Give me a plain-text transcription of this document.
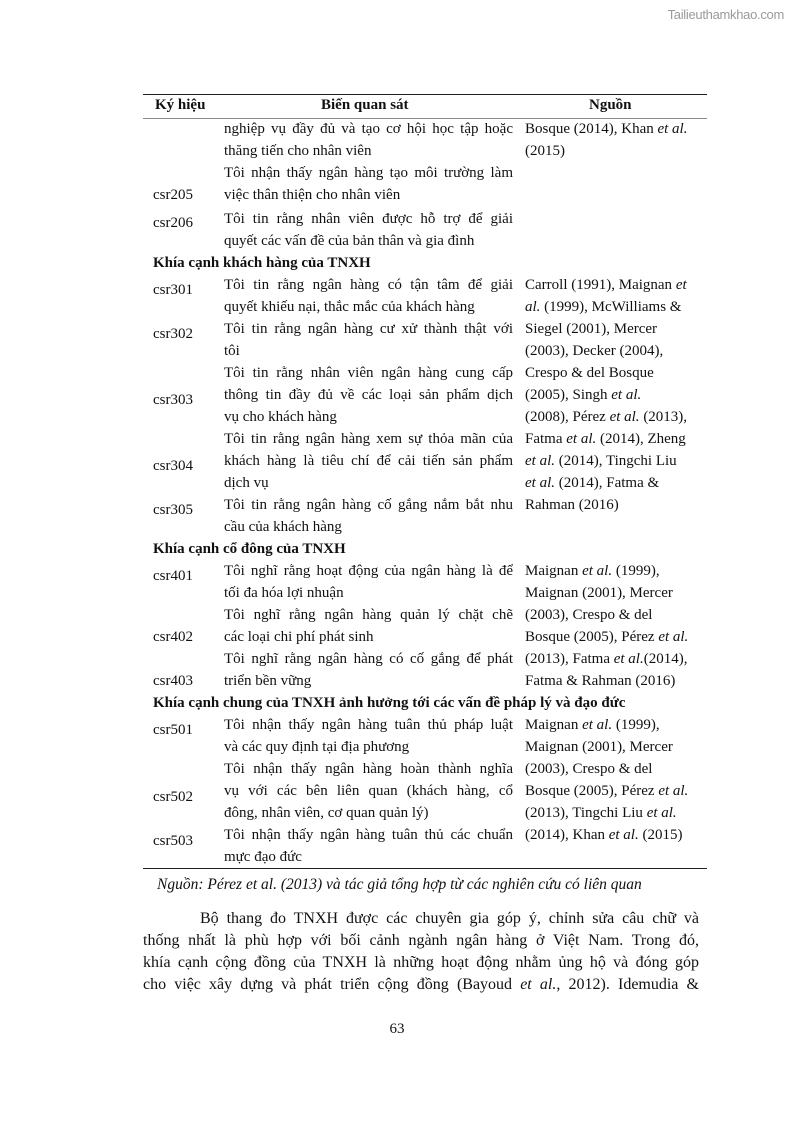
Tailieuthamkhao.com
Ký hiệu	Biến quan sát	Nguồn
nghiệp vụ đầy đủ và tạo cơ hội học tập hoặc
thăng tiến cho nhân viên
Bosque (2014), Khan et al.
(2015)
Tôi nhận thấy ngân hàng tạo môi trường làm
csr205 việc thân thiện cho nhân viên
csr206 Tôi tin rằng nhân viên được hỗ trợ để giải
quyết các vấn đề của bản thân và gia đình
Khía cạnh khách hàng của TNXH
csr301 Tôi tin rằng ngân hàng có tận tâm để giải
quyết khiếu nại, thắc mắc của khách hàng
csr302 Tôi tin rằng ngân hàng cư xử thành thật với
tôi
Tôi tin rằng nhân viên ngân hàng cung cấp
csr303 thông tin đầy đủ về các loại sản phẩm dịch
vụ cho khách hàng
Tôi tin rằng ngân hàng xem sự thỏa mãn của
csr304 khách hàng là tiêu chí để cải tiến sản phẩm
dịch vụ
csr305 Tôi tin rằng ngân hàng cố gắng nắm bắt nhu
cầu của khách hàng
Carroll (1991), Maignan et
al. (1999), McWilliams &
Siegel (2001), Mercer
(2003), Decker (2004),
Crespo & del Bosque
(2005), Singh et al.
(2008), Pérez et al. (2013),
Fatma et al. (2014), Zheng
et al. (2014), Tingchi Liu
et al. (2014), Fatma &
Rahman (2016)
Khía cạnh cổ đông của TNXH
csr401 Tôi nghĩ rằng hoạt động của ngân hàng là để
tối đa hóa lợi nhuận
Tôi nghĩ rằng ngân hàng quản lý chặt chẽ
csr402 các loại chi phí phát sinh
Tôi nghĩ rằng ngân hàng có cố gắng để phát
csr403 triển bền vững
Maignan et al. (1999),
Maignan (2001), Mercer
(2003), Crespo & del
Bosque (2005), Pérez et al.
(2013), Fatma et al.(2014),
Fatma & Rahman (2016)
Khía cạnh chung của TNXH ảnh hưởng tới các vấn đề pháp lý và đạo đức
csr501 Tôi nhận thấy ngân hàng tuân thủ pháp luật
và các quy định tại địa phương
Tôi nhận thấy ngân hàng hoàn thành nghĩa
csr502 vụ với các bên liên quan (khách hàng, cổ
đông, nhân viên, cơ quan quản lý)
csr503 Tôi nhận thấy ngân hàng tuân thủ các chuẩn
mực đạo đức
Maignan et al. (1999),
Maignan (2001), Mercer
(2003), Crespo & del
Bosque (2005), Pérez et al.
(2013), Tingchi Liu et al.
(2014), Khan et al. (2015)
Nguồn: Pérez et al. (2013) và tác giả tổng hợp từ các nghiên cứu có liên quan
Bộ thang đo TNXH được các chuyên gia góp ý, chỉnh sửa câu chữ và
thống nhất là phù hợp với bối cảnh ngành ngân hàng ở Việt Nam. Trong đó,
khía cạnh cộng đồng của TNXH là những hoạt động nhằm ủng hộ và đóng góp
cho việc xây dựng và phát triển cộng đồng (Bayoud et al., 2012). Idemudia &
63
